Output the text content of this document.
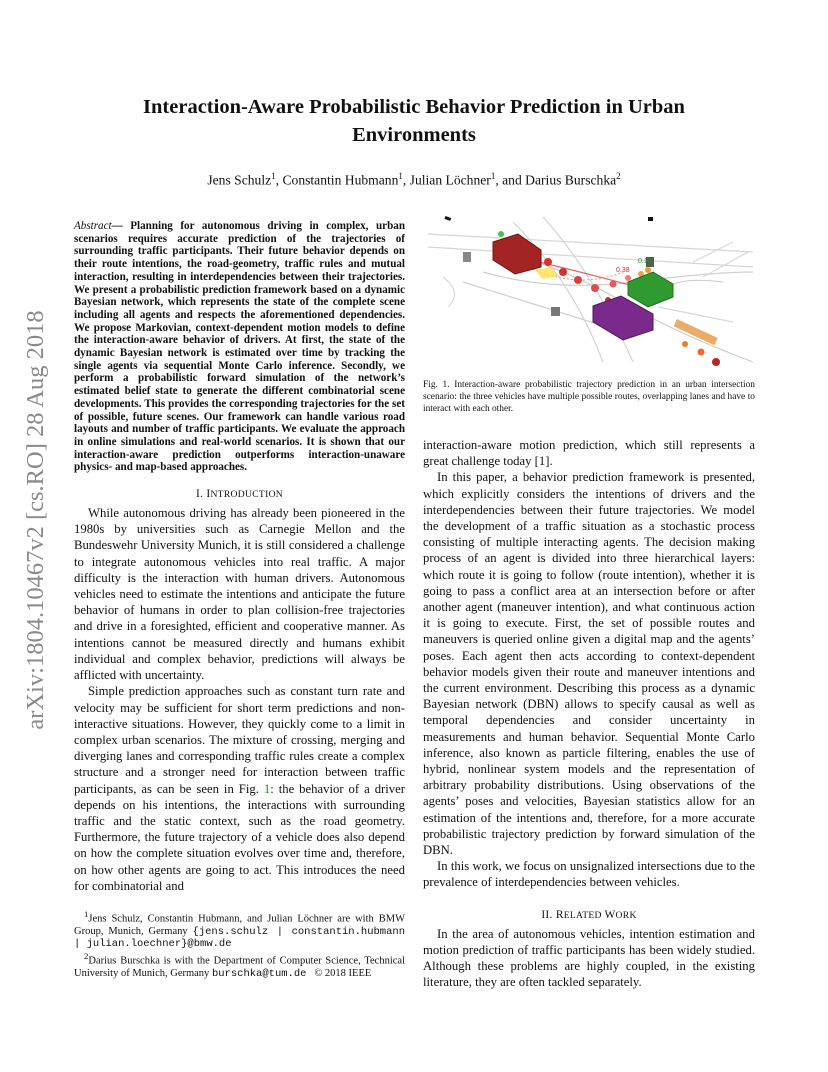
arXiv:1804.10467v2 [cs.RO] 28 Aug 2018
Interaction-Aware Probabilistic Behavior Prediction in Urban
Environments
Jens Schulz$^1$, Constantin Hubmann$^1$, Julian Löchner$^1$, and Darius Burschka$^2$
Abstract— Planning for autonomous driving in complex, urban scenarios requires accurate prediction of the trajectories of surrounding traffic participants. Their future behavior depends on their route intentions, the road-geometry, traffic rules and mutual interaction, resulting in interdependencies between their trajectories. We present a probabilistic prediction framework based on a dynamic Bayesian network, which represents the state of the complete scene including all agents and respects the aforementioned dependencies. We propose Markovian, context-dependent motion models to define the interaction-aware behavior of drivers. At first, the state of the dynamic Bayesian network is estimated over time by tracking the single agents via sequential Monte Carlo inference. Secondly, we perform a probabilistic forward simulation of the network’s estimated belief state to generate the different combinatorial scene developments. This provides the corresponding trajectories for the set of possible, future scenes. Our framework can handle various road layouts and number of traffic participants. We evaluate the approach in online simulations and real-world scenarios. It is shown that our interaction-aware prediction outperforms interaction-unaware physics- and map-based approaches.
I. INTRODUCTION

While autonomous driving has already been pioneered in the 1980s by universities such as Carnegie Mellon and the Bundeswehr University Munich, it is still considered a challenge to integrate autonomous vehicles into real traffic. A major difficulty is the interaction with human drivers. Autonomous vehicles need to estimate the intentions and anticipate the future behavior of humans in order to plan collision-free trajectories and drive in a foresighted, efficient and cooperative manner. As intentions cannot be measured directly and humans exhibit individual and complex behavior, predictions will always be afflicted with uncertainty.

Simple prediction approaches such as constant turn rate and velocity may be sufficient for short term predictions and non-interactive situations. However, they quickly come to a limit in complex urban scenarios. The mixture of crossing, merging and diverging lanes and corresponding traffic rules create a complex structure and a stronger need for interaction between traffic participants, as can be seen in Fig. 1: the behavior of a driver depends on his intentions, the interactions with surrounding traffic and the static context, such as the road geometry. Furthermore, the future trajectory of a vehicle does also depend on how the complete situation evolves over time and, therefore, on how other agents are going to act. This introduces the need for combinatorial and

$^1$Jens Schulz, Constantin Hubmann, and Julian Löchner are with BMW Group, Munich, Germany {jens.schulz | constantin.hubmann | julian.loechner}@bmw.de

$^2$Darius Burschka is with the Department of Computer Science, Technical University of Munich, Germany burschka@tum.de © 2018 IEEE

0.38
0.16
Fig. 1. Interaction-aware probabilistic trajectory prediction in an urban intersection scenario: the three vehicles have multiple possible routes, overlapping lanes and have to interact with each other.

interaction-aware motion prediction, which still represents a great challenge today [1].

In this paper, a behavior prediction framework is presented, which explicitly considers the intentions of drivers and the interdependencies between their future trajectories. We model the development of a traffic situation as a stochastic process consisting of multiple interacting agents. The decision making process of an agent is divided into three hierarchical layers: which route it is going to follow (route intention), whether it is going to pass a conflict area at an intersection before or after another agent (maneuver intention), and what continuous action it is going to execute. First, the set of possible routes and maneuvers is queried online given a digital map and the agents’ poses. Each agent then acts according to context-dependent behavior models given their route and maneuver intentions and the current environment. Describing this process as a dynamic Bayesian network (DBN) allows to specify causal as well as temporal dependencies and consider uncertainty in measurements and human behavior. Sequential Monte Carlo inference, also known as particle filtering, enables the use of hybrid, nonlinear system models and the representation of arbitrary probability distributions. Using observations of the agents’ poses and velocities, Bayesian statistics allow for an estimation of the intentions and, therefore, for a more accurate probabilistic trajectory prediction by forward simulation of the DBN.

In this work, we focus on unsignalized intersections due to the prevalence of interdependencies between vehicles.

II. RELATED WORK

In the area of autonomous vehicles, intention estimation and motion prediction of traffic participants has been widely studied. Although these problems are highly coupled, in the existing literature, they are often tackled separately.
